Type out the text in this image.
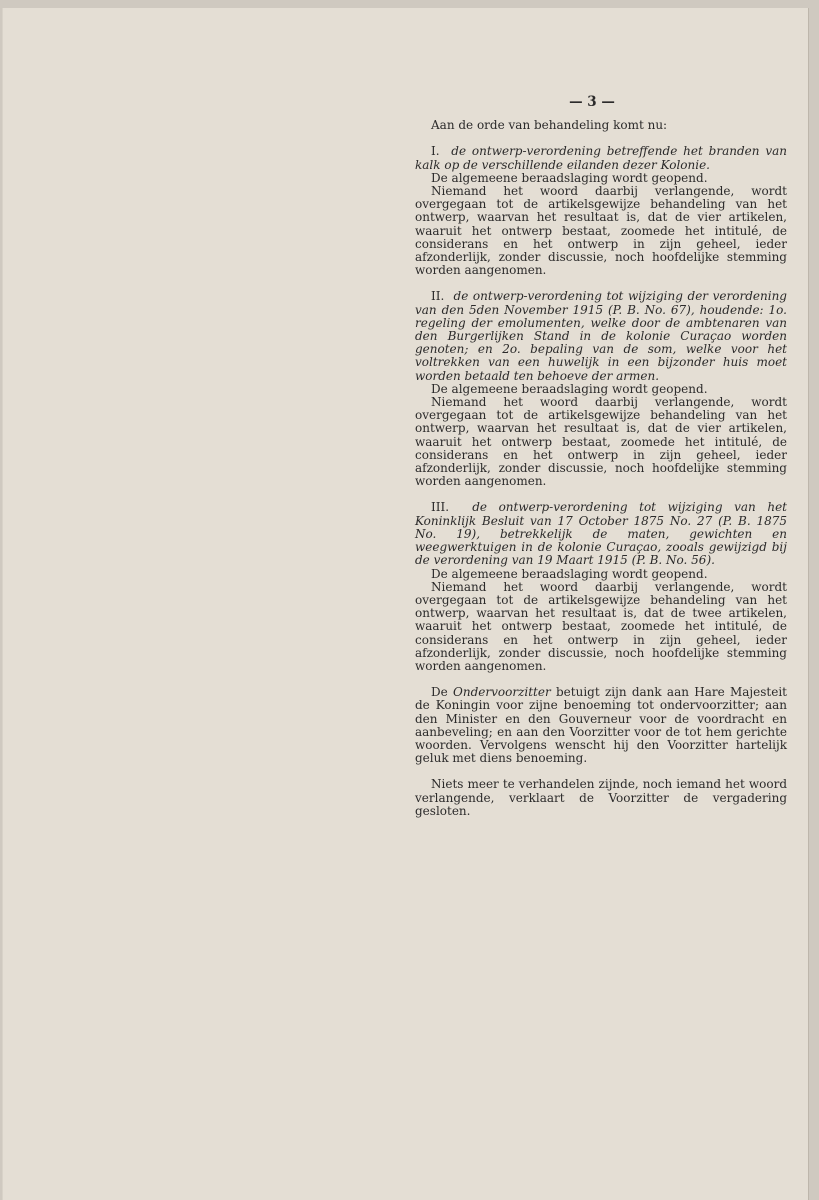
— 3 —

Aan de orde van behandeling komt nu:

I. de ontwerp-verordening betreffende het branden van kalk op de verschillende eilanden dezer Kolonie.

De algemeene beraadslaging wordt geopend.

Niemand het woord daarbij verlangende, wordt overgegaan tot de artikelsgewijze behandeling van het ontwerp, waarvan het resultaat is, dat de vier artikelen, waaruit het ontwerp bestaat, zoomede het intitulé, de considerans en het ontwerp in zijn geheel, ieder afzonderlijk, zonder discussie, noch hoofdelijke stemming worden aangenomen.

II. de ontwerp-verordening tot wijziging der verordening van den 5den November 1915 (P. B. No. 67), houdende: 1o. regeling der emolumenten, welke door de ambtenaren van den Burgerlijken Stand in de kolonie Curaçao worden genoten; en 2o. bepaling van de som, welke voor het voltrekken van een huwelijk in een bijzonder huis moet worden betaald ten behoeve der armen.

De algemeene beraadslaging wordt geopend.

Niemand het woord daarbij verlangende, wordt overgegaan tot de artikelsgewijze behandeling van het ontwerp, waarvan het resultaat is, dat de vier artikelen, waaruit het ontwerp bestaat, zoomede het intitulé, de considerans en het ontwerp in zijn geheel, ieder afzonderlijk, zonder discussie, noch hoofdelijke stemming worden aangenomen.

III. de ontwerp-verordening tot wijziging van het Koninklijk Besluit van 17 October 1875 No. 27 (P. B. 1875 No. 19), betrekkelijk de maten, gewichten en weegwerktuigen in de kolonie Curaçao, zooals gewijzigd bij de verordening van 19 Maart 1915 (P. B. No. 56).

De algemeene beraadslaging wordt geopend.

Niemand het woord daarbij verlangende, wordt overgegaan tot de artikelsgewijze behandeling van het ontwerp, waarvan het resultaat is, dat de twee artikelen, waaruit het ontwerp bestaat, zoomede het intitulé, de considerans en het ontwerp in zijn geheel, ieder afzonderlijk, zonder discussie, noch hoofdelijke stemming worden aangenomen.

De Ondervoorzitter betuigt zijn dank aan Hare Majesteit de Koningin voor zijne benoeming tot ondervoorzitter; aan den Minister en den Gouverneur voor de voordracht en aanbeveling; en aan den Voorzitter voor de tot hem gerichte woorden. Vervolgens wenscht hij den Voorzitter hartelijk geluk met diens benoeming.

Niets meer te verhandelen zijnde, noch iemand het woord verlangende, verklaart de Voorzitter de vergadering gesloten.
